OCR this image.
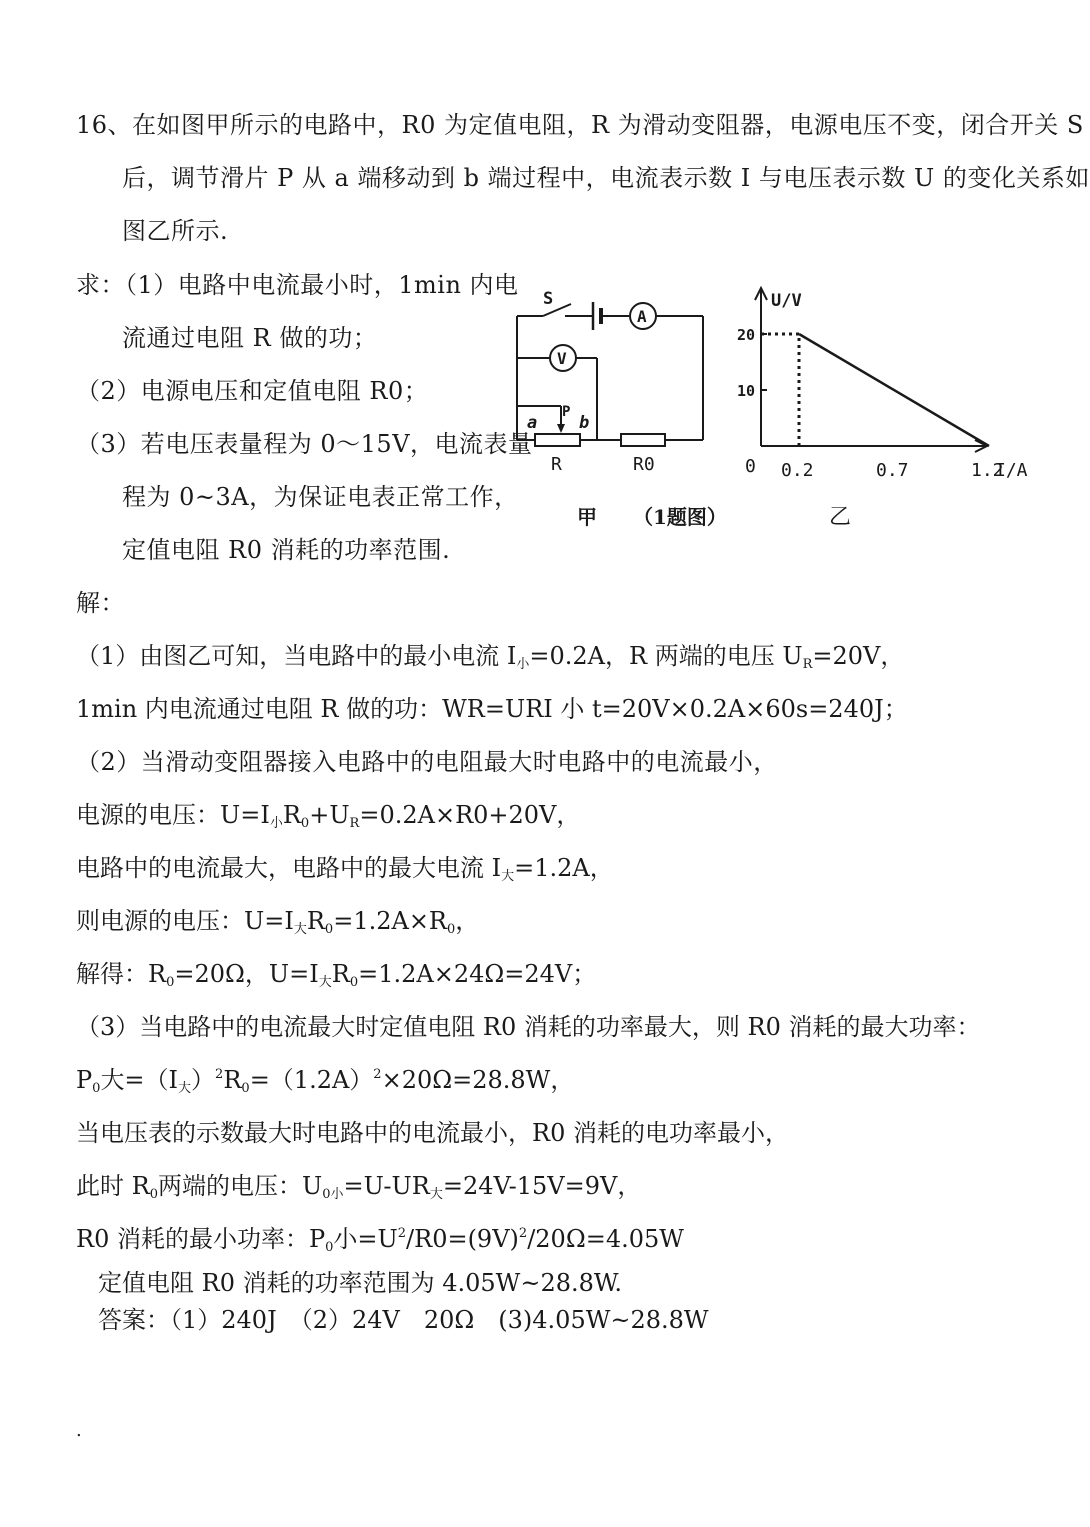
16、在如图甲所示的电路中，R0 为定值电阻，R 为滑动变阻器，电源电压不变，闭合开关 S
后，调节滑片 P 从 a 端移动到 b 端过程中，电流表示数 I 与电压表示数 U 的变化关系如
图乙所示.
求：（1）电路中电流最小时，1min 内电
流通过电阻 R 做的功；
（2）电源电压和定值电阻 R0；
（3）若电压表量程为 0～15V，电流表量
程为 0~3A，为保证电表正常工作，
定值电阻 R0 消耗的功率范围.
S
A
V
a
P
b
R	R0
U/V
I/A
0 0.2	0.7	1.2
10
20
甲 （1题图）	乙
解：
（1）由图乙可知，当电路中的最小电流 $I_小=0.2A$，R 两端的电压 $U_R=20V$，
1min 内电流通过电阻 R 做的功：WR=URI 小 t=20V×0.2A×60s=240J；
（2）当滑动变阻器接入电路中的电阻最大时电路中的电流最小，
电源的电压：$U=I_小R_0+U_R=0.2A\times R0+20V$，
电路中的电流最大，电路中的最大电流 $I_大=1.2A$，
则电源的电压：$U=I_大R_0=1.2A\times R_0$，
解得：$R_0=20\Omega$，$U=I_大R_0=1.2A\times 24\Omega=24V$；
（3）当电路中的电流最大时定值电阻 R0 消耗的功率最大，则 R0 消耗的最大功率：
$P_0$大$=(I_大)^2R_0=(1.2A)^2\times 20\Omega=28.8W$，
当电压表的示数最大时电路中的电流最小，R0 消耗的电功率最小，
此时 $R_0$两端的电压：$U_{0小}=U-UR_大=24V-15V=9V$，
R0 消耗的最小功率：$P_0$小$=U^2/R0=(9V)^2/20\Omega=4.05W$
定值电阻 R0 消耗的功率范围为 4.05W~28.8W.
答案：（1）240J　（2）24V　20Ω　(3)4.05W~28.8W
.
